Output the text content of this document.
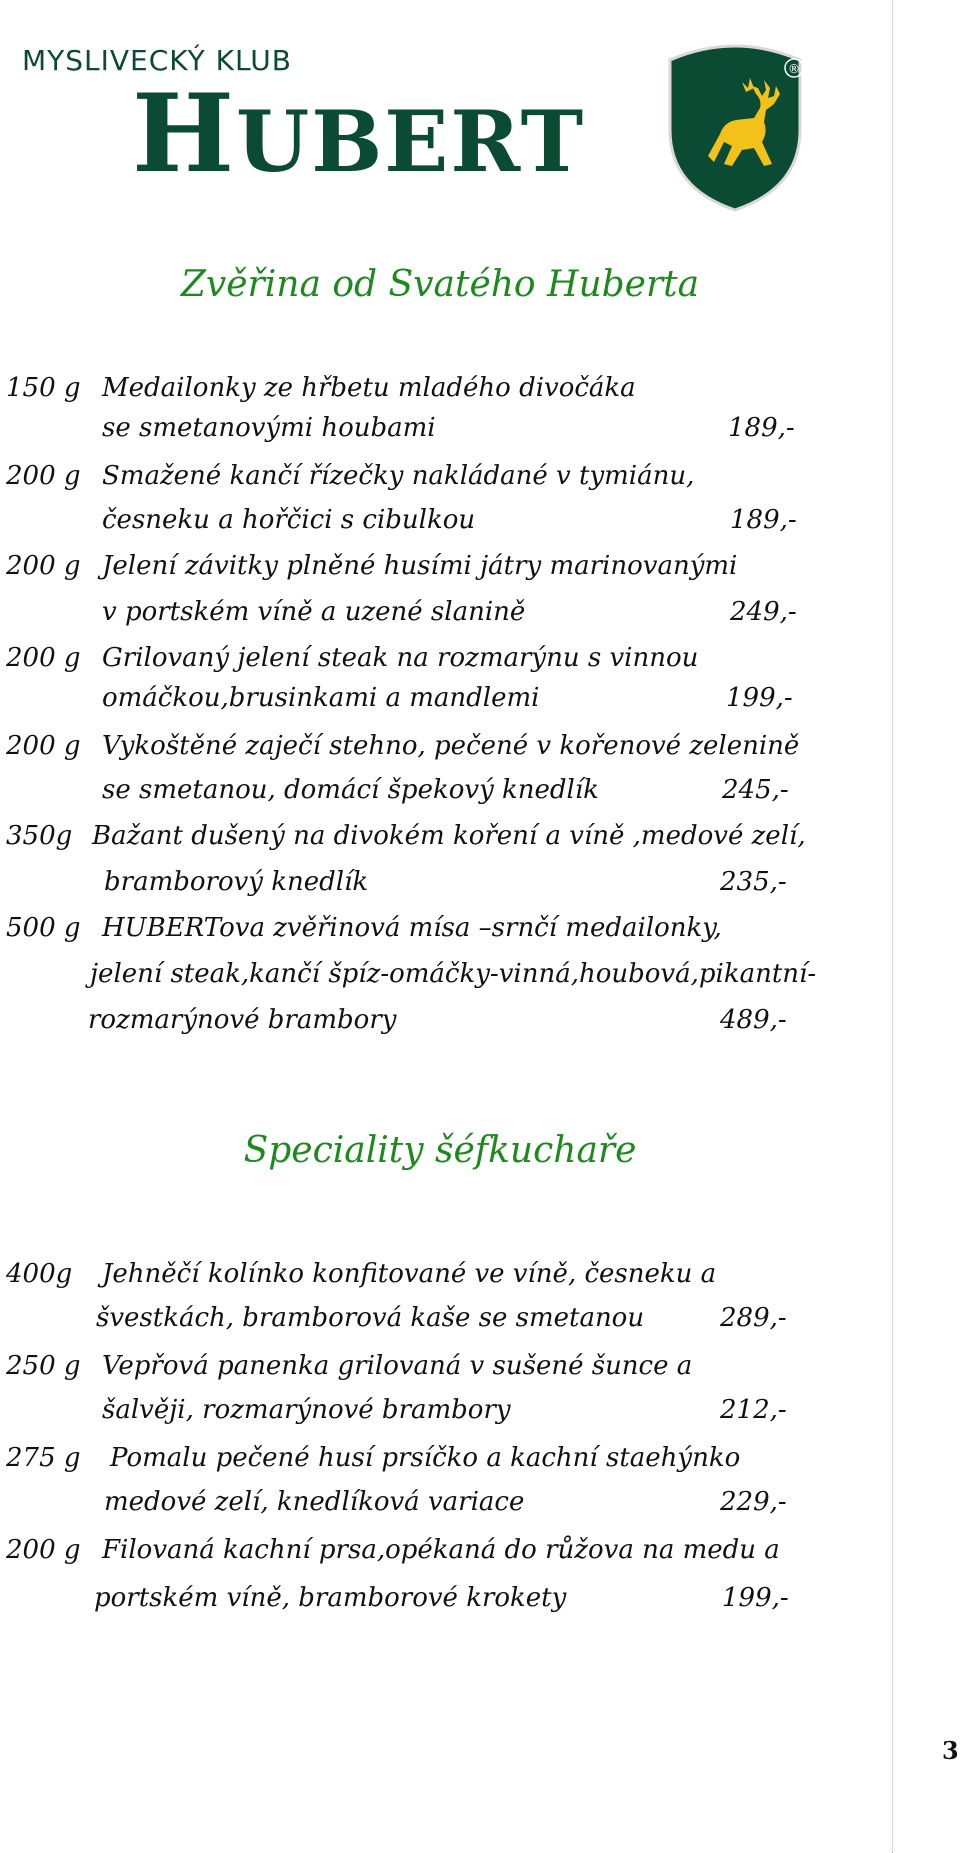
MYSLIVECKÝ KLUB
HUBERT
®
Zvěřina od Svatého Huberta
150 g Medailonky ze hřbetu mladého divočáka
se smetanovými houbami	189,-
200 g Smažené kančí řízečky nakládané v tymiánu,
česneku a hořčici s cibulkou	189,-
200 g Jelení závitky plněné husími játry marinovanými
v portském víně a uzené slanině	249,-
200 g Grilovaný jelení steak na rozmarýnu s vinnou
omáčkou,brusinkami a mandlemi	199,-
200 g Vykoštěné zaječí stehno, pečené v kořenové zelenině
se smetanou, domácí špekový knedlík	245,-
350g Bažant dušený na divokém koření a víně ,medové zelí,
bramborový knedlík	235,-
500 g HUBERTova zvěřinová mísa –srnčí medailonky,
jelení steak,kančí špíz-omáčky-vinná,houbová,pikantní-
rozmarýnové brambory	489,-
Speciality šéfkuchaře
400g Jehněčí kolínko konfitované ve víně, česneku a
švestkách, bramborová kaše se smetanou	289,-
250 g Vepřová panenka grilovaná v sušené šunce a
šalvěji, rozmarýnové brambory	212,-
275 g Pomalu pečené husí prsíčko a kachní staehýnko
medové zelí, knedlíková variace	229,-
200 g Filovaná kachní prsa,opékaná do růžova na medu a
portském víně, bramborové krokety	199,-
3
